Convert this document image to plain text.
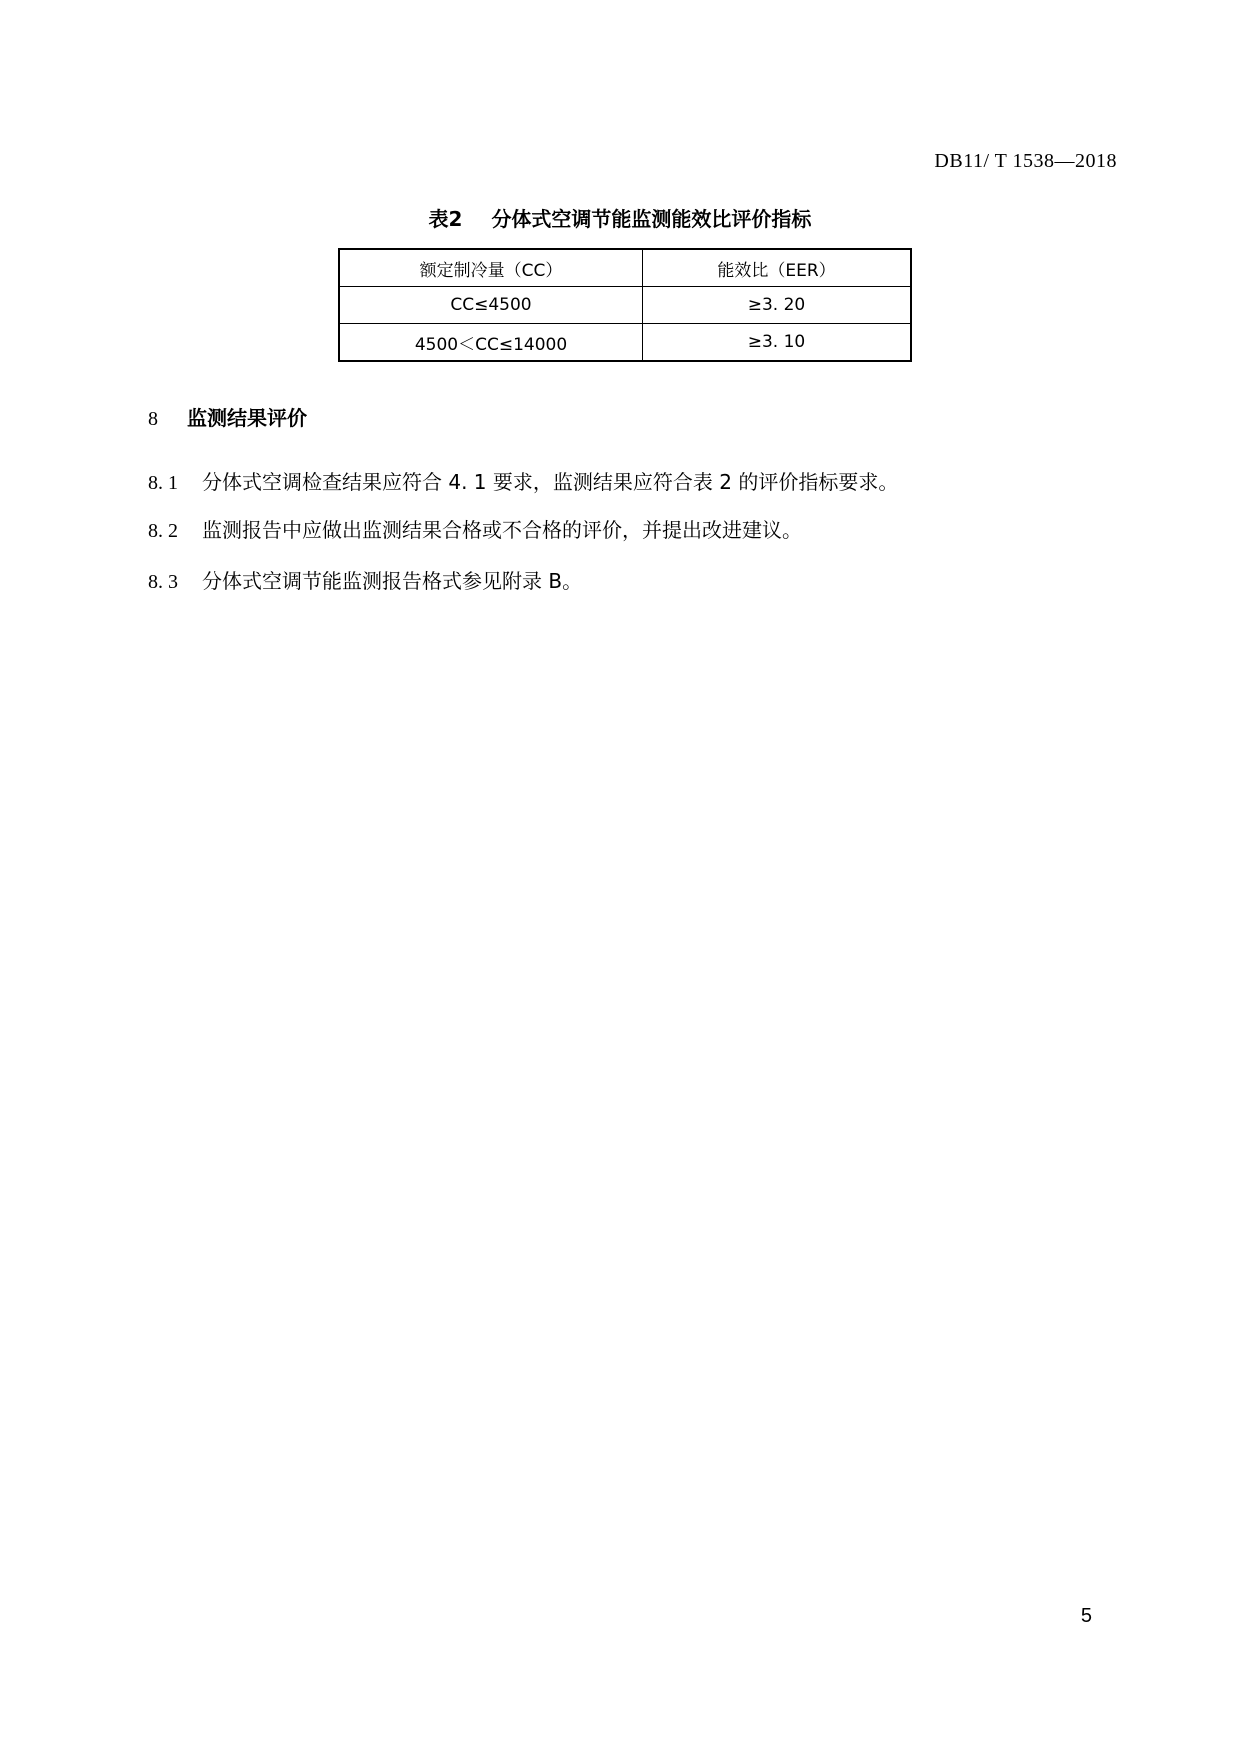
DB11/ T 1538—2018
表2 分体式空调节能监测能效比评价指标
额定制冷量（CC）	能效比（EER）
CC≤4500	≥3. 20
4500＜CC≤14000	≥3. 10
8 监测结果评价
8. 1 分体式空调检查结果应符合 4. 1 要求，监测结果应符合表 2 的评价指标要求。
8. 2 监测报告中应做出监测结果合格或不合格的评价，并提出改进建议。
8. 3 分体式空调节能监测报告格式参见附录 B。
5
